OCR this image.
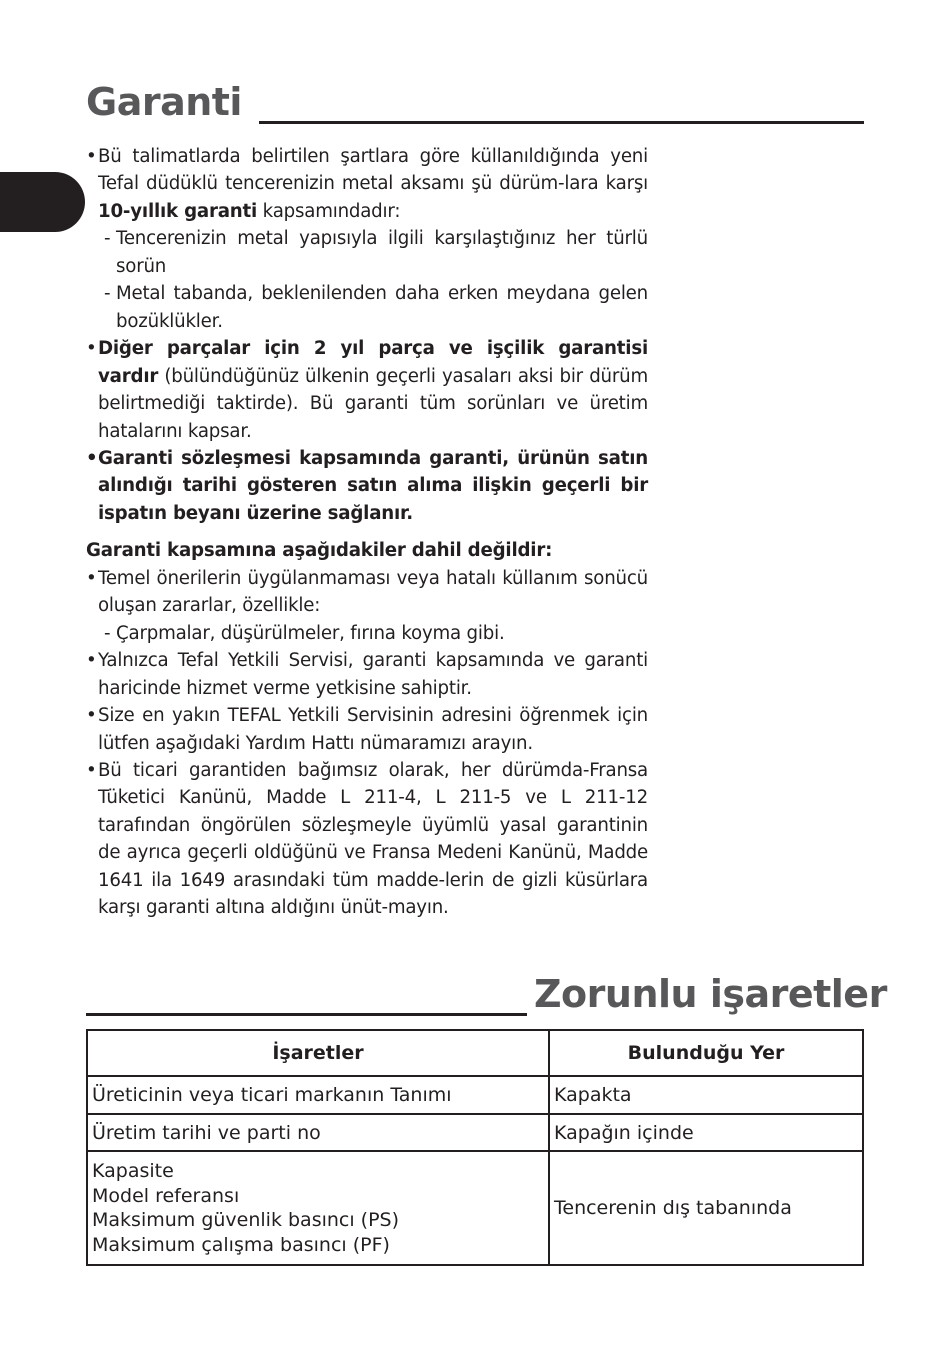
Garanti

• Bü talimatlarda belirtilen şartlara göre küllanıldığında yeni Tefal düdüklü tencerenizin metal aksamı şü dürüm-lara karşı 10-yıllık garanti kapsamındadır:

- Tencerenizin metal yapısıyla ilgili karşılaştığınız her türlü sorün

- Metal tabanda, beklenilenden daha erken meydana gelen bozüklükler.

• Diğer parçalar için 2 yıl parça ve işçilik garantisi vardır (bülündüğünüz ülkenin geçerli yasaları aksi bir dürüm belirtmediği taktirde). Bü garanti tüm sorünları ve üretim hatalarını kapsar.

• Garanti sözleşmesi kapsamında garanti, ürünün satın alındığı tarihi gösteren satın alıma ilişkin geçerli bir ispatın beyanı üzerine sağlanır.

Garanti kapsamına aşağıdakiler dahil değildir:

• Temel önerilerin üygülanmaması veya hatalı küllanım sonücü oluşan zararlar, özellikle:

- Çarpmalar, düşürülmeler, fırına koyma gibi.

• Yalnızca Tefal Yetkili Servisi, garanti kapsamında ve garanti haricinde hizmet verme yetkisine sahiptir.

• Size en yakın TEFAL Yetkili Servisinin adresini öğrenmek için lütfen aşağıdaki Yardım Hattı nümaramızı arayın.

• Bü ticari garantiden bağımsız olarak, her dürümda-Fransa Tüketici Kanünü, Madde L 211-4, L 211-5 ve L 211-12 tarafından öngörülen sözleşmeyle üyümlü yasal garantinin de ayrıca geçerli oldüğünü ve Fransa Medeni Kanünü, Madde 1641 ila 1649 arasındaki tüm madde-lerin de gizli küsürlara karşı garanti altına aldığını ünüt-mayın.

Zorunlu işaretler
İşaretler	Bulunduğu Yer
Üreticinin veya ticari markanın Tanımı	Kapakta
Üretim tarihi ve parti no	Kapağın içinde

Kapasite
Model referansı
Maksimum güvenlik basıncı (PS)
Maksimum çalışma basıncı (PF)	Tencerenin dış tabanında
